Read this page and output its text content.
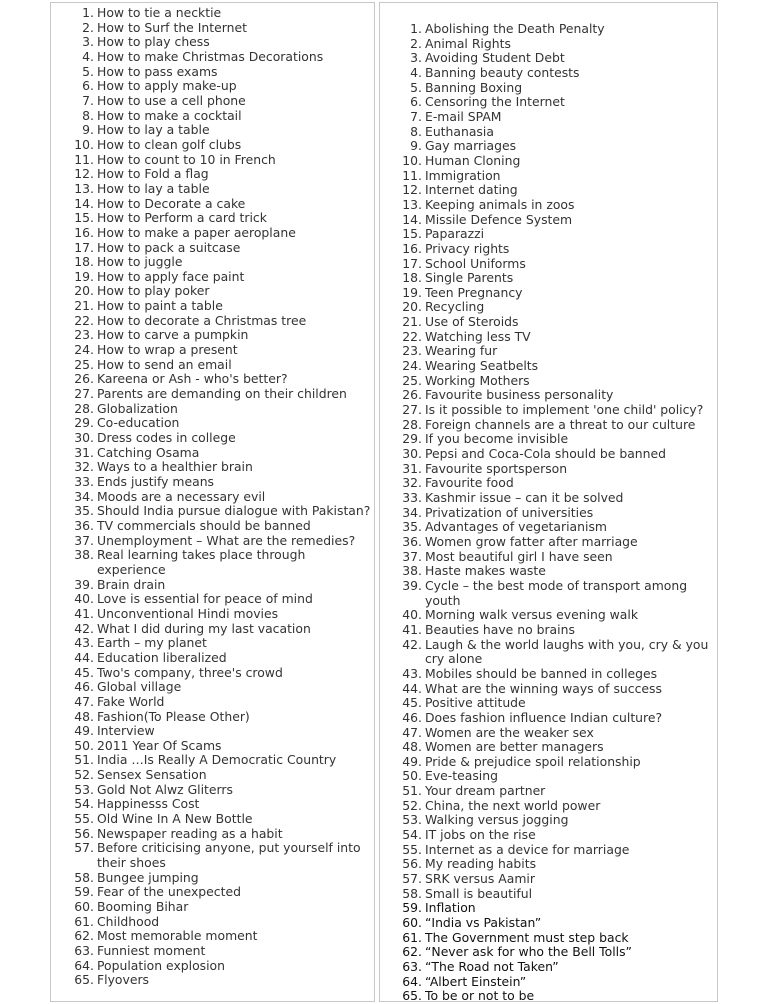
1. How to tie a necktie
2. How to Surf the Internet
3. How to play chess
4. How to make Christmas Decorations
5. How to pass exams
6. How to apply make-up
7. How to use a cell phone
8. How to make a cocktail
9. How to lay a table
10. How to clean golf clubs
11. How to count to 10 in French
12. How to Fold a flag
13. How to lay a table
14. How to Decorate a cake
15. How to Perform a card trick
16. How to make a paper aeroplane
17. How to pack a suitcase
18. How to juggle
19. How to apply face paint
20. How to play poker
21. How to paint a table
22. How to decorate a Christmas tree
23. How to carve a pumpkin
24. How to wrap a present
25. How to send an email
26. Kareena or Ash - who's better?
27. Parents are demanding on their children
28. Globalization
29. Co-education
30. Dress codes in college
31. Catching Osama
32. Ways to a healthier brain
33. Ends justify means
34. Moods are a necessary evil
35. Should India pursue dialogue with Pakistan?
36. TV commercials should be banned
37. Unemployment – What are the remedies?
38. Real learning takes place through experience
39. Brain drain
40. Love is essential for peace of mind
41. Unconventional Hindi movies
42. What I did during my last vacation
43. Earth – my planet
44. Education liberalized
45. Two's company, three's crowd
46. Global village
47. Fake World
48. Fashion(To Please Other)
49. Interview
50. 2011 Year Of Scams
51. India …Is Really A Democratic Country
52. Sensex Sensation
53. Gold Not Alwz Gliterrs
54. Happinesss Cost
55. Old Wine In A New Bottle
56. Newspaper reading as a habit
57. Before criticising anyone, put yourself into their shoes
58. Bungee jumping
59. Fear of the unexpected
60. Booming Bihar
61. Childhood
62. Most memorable moment
63. Funniest moment
64. Population explosion
65. Flyovers
1. Abolishing the Death Penalty
2. Animal Rights
3. Avoiding Student Debt
4. Banning beauty contests
5. Banning Boxing
6. Censoring the Internet
7. E-mail SPAM
8. Euthanasia
9. Gay marriages
10. Human Cloning
11. Immigration
12. Internet dating
13. Keeping animals in zoos
14. Missile Defence System
15. Paparazzi
16. Privacy rights
17. School Uniforms
18. Single Parents
19. Teen Pregnancy
20. Recycling
21. Use of Steroids
22. Watching less TV
23. Wearing fur
24. Wearing Seatbelts
25. Working Mothers
26. Favourite business personality
27. Is it possible to implement 'one child' policy?
28. Foreign channels are a threat to our culture
29. If you become invisible
30. Pepsi and Coca-Cola should be banned
31. Favourite sportsperson
32. Favourite food
33. Kashmir issue – can it be solved
34. Privatization of universities
35. Advantages of vegetarianism
36. Women grow fatter after marriage
37. Most beautiful girl I have seen
38. Haste makes waste
39. Cycle – the best mode of transport among youth
40. Morning walk versus evening walk
41. Beauties have no brains
42. Laugh & the world laughs with you, cry & you cry alone
43. Mobiles should be banned in colleges
44. What are the winning ways of success
45. Positive attitude
46. Does fashion influence Indian culture?
47. Women are the weaker sex
48. Women are better managers
49. Pride & prejudice spoil relationship
50. Eve-teasing
51. Your dream partner
52. China, the next world power
53. Walking versus jogging
54. IT jobs on the rise
55. Internet as a device for marriage
56. My reading habits
57. SRK versus Aamir
58. Small is beautiful
59. Inflation
60. “India vs Pakistan”
61. The Government must step back
62. “Never ask for who the Bell Tolls”
63. “The Road not Taken”
64. “Albert Einstein”
65. To be or not to be
